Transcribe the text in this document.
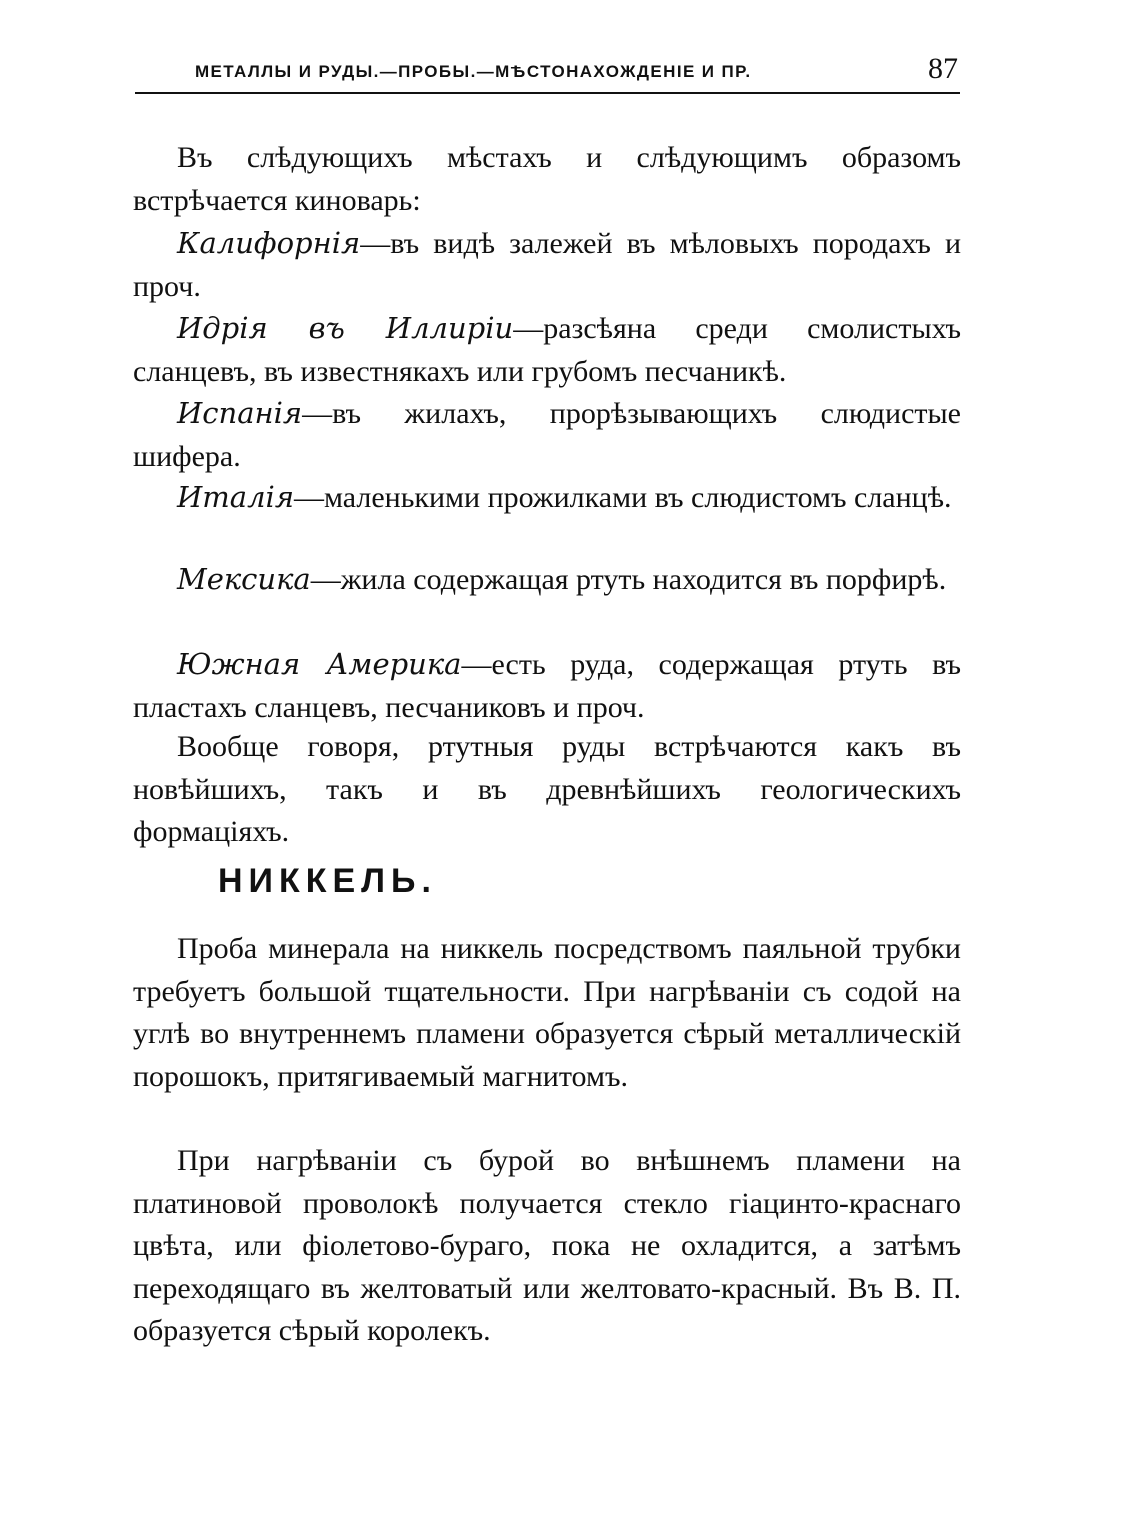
МЕТАЛЛЫ И РУДЫ.—ПРОБЫ.—МѢСТОНАХОЖДЕНІЕ И ПР.	87

Въ слѣдующихъ мѣстахъ и слѣдующимъ образомъ встрѣчается киноварь:

Калифорнія—въ видѣ залежей въ мѣловыхъ породахъ и проч.

Идрія въ Иллиріи—разсѣяна среди смолистыхъ сланцевъ, въ известнякахъ или грубомъ песчаникѣ.

Испанія—въ жилахъ, прорѣзывающихъ слюдистые шифера.

Италія—маленькими прожилками въ слюдистомъ сланцѣ.

Мексика—жила содержащая ртуть находится въ порфирѣ.

Южная Америка—есть руда, содержащая ртуть въ пластахъ сланцевъ, песчаниковъ и проч.

Вообще говоря, ртутныя руды встрѣчаются какъ въ новѣйшихъ, такъ и въ древнѣйшихъ геологическихъ формаціяхъ.

НИККЕЛЬ.

Проба минерала на никкель посредствомъ паяльной трубки требуетъ большой тщательности. При нагрѣваніи съ содой на углѣ во внутреннемъ пламени образуется сѣрый металлическій порошокъ, притягиваемый магнитомъ.

При нагрѣваніи съ бурой во внѣшнемъ пламени на платиновой проволокѣ получается стекло гіацинто-краснаго цвѣта, или фіолетово-бураго, пока не охладится, а затѣмъ переходящаго въ желтоватый или желтовато-красный. Въ В. П. образуется сѣрый королекъ.
